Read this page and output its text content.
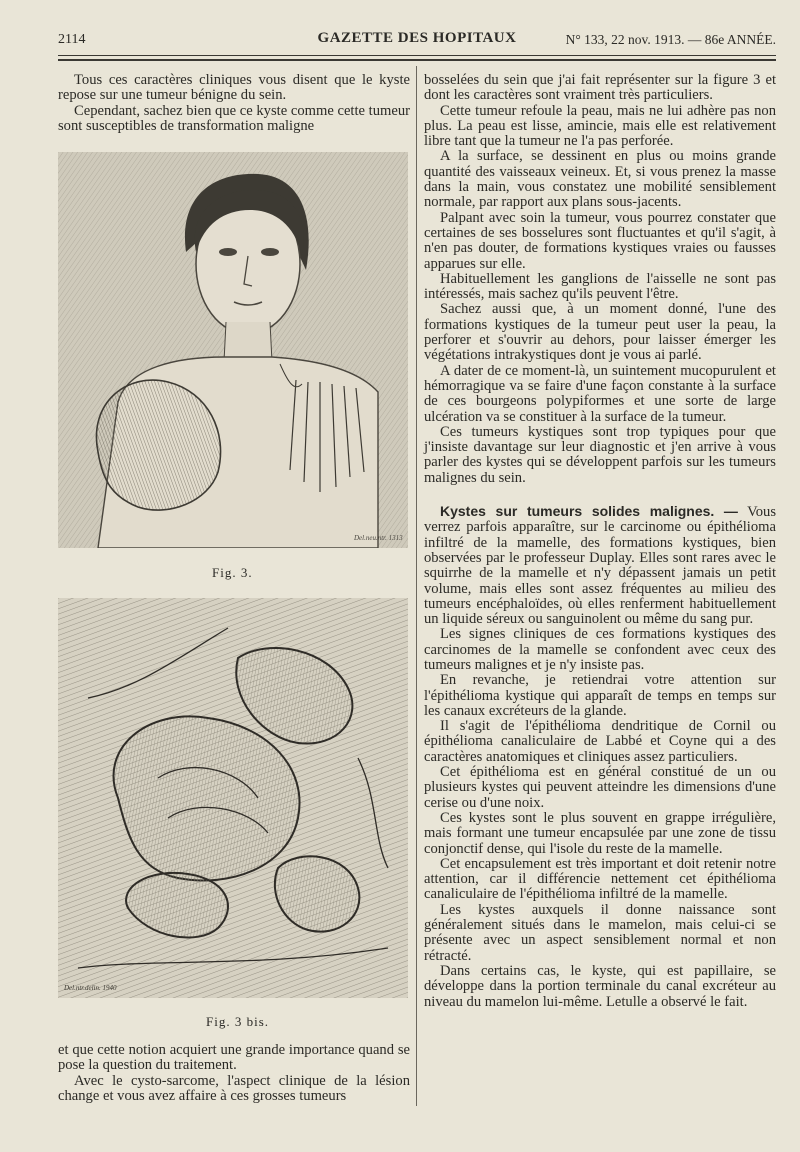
2114	GAZETTE DES HOPITAUX	N° 133, 22 nov. 1913. — 86e ANNÉE.

Tous ces caractères cliniques vous disent que le kyste repose sur une tumeur bénigne du sein.

Cependant, sachez bien que ce kyste comme cette tumeur sont susceptibles de transformation maligne

Del.neu.ntr. 1313
Fig. 3.
Del.ntr.delin. 1940
Fig. 3 bis.

et que cette notion acquiert une grande importance quand se pose la question du traitement.

Avec le cysto-sarcome, l'aspect clinique de la lésion change et vous avez affaire à ces grosses tumeurs

bosselées du sein que j'ai fait représenter sur la figure 3 et dont les caractères sont vraiment très particuliers.

Cette tumeur refoule la peau, mais ne lui adhère pas non plus. La peau est lisse, amincie, mais elle est relativement libre tant que la tumeur ne l'a pas perforée.

A la surface, se dessinent en plus ou moins grande quantité des vaisseaux veineux. Et, si vous prenez la masse dans la main, vous constatez une mobilité sensiblement normale, par rapport aux plans sous-jacents.

Palpant avec soin la tumeur, vous pourrez constater que certaines de ses bosselures sont fluctuantes et qu'il s'agit, à n'en pas douter, de formations kystiques vraies ou fausses apparues sur elle.

Habituellement les ganglions de l'aisselle ne sont pas intéressés, mais sachez qu'ils peuvent l'être.

Sachez aussi que, à un moment donné, l'une des formations kystiques de la tumeur peut user la peau, la perforer et s'ouvrir au dehors, pour laisser émerger les végétations intrakystiques dont je vous ai parlé.

A dater de ce moment-là, un suintement mucopurulent et hémorragique va se faire d'une façon constante à la surface de ces bourgeons polypiformes et une sorte de large ulcération va se constituer à la surface de la tumeur.

Ces tumeurs kystiques sont trop typiques pour que j'insiste davantage sur leur diagnostic et j'en arrive à vous parler des kystes qui se développent parfois sur les tumeurs malignes du sein.

Kystes sur tumeurs solides malignes. — Vous verrez parfois apparaître, sur le carcinome ou épithélioma infiltré de la mamelle, des formations kystiques, bien observées par le professeur Duplay. Elles sont rares avec le squirrhe de la mamelle et n'y dépassent jamais un petit volume, mais elles sont assez fréquentes au milieu des tumeurs encéphaloïdes, où elles renferment habituellement un liquide séreux ou sanguinolent ou même du sang pur.

Les signes cliniques de ces formations kystiques des carcinomes de la mamelle se confondent avec ceux des tumeurs malignes et je n'y insiste pas.

En revanche, je retiendrai votre attention sur l'épithélioma kystique qui apparaît de temps en temps sur les canaux excréteurs de la glande.

Il s'agit de l'épithélioma dendritique de Cornil ou épithélioma canaliculaire de Labbé et Coyne qui a des caractères anatomiques et cliniques assez particuliers.

Cet épithélioma est en général constitué de un ou plusieurs kystes qui peuvent atteindre les dimensions d'une cerise ou d'une noix.

Ces kystes sont le plus souvent en grappe irrégulière, mais formant une tumeur encapsulée par une zone de tissu conjonctif dense, qui l'isole du reste de la mamelle.

Cet encapsulement est très important et doit retenir notre attention, car il différencie nettement cet épithélioma canaliculaire de l'épithélioma infiltré de la mamelle.

Les kystes auxquels il donne naissance sont généralement situés dans le mamelon, mais celui-ci se présente avec un aspect sensiblement normal et non rétracté.

Dans certains cas, le kyste, qui est papillaire, se développe dans la portion terminale du canal excréteur au niveau du mamelon lui-même. Letulle a observé le fait.
